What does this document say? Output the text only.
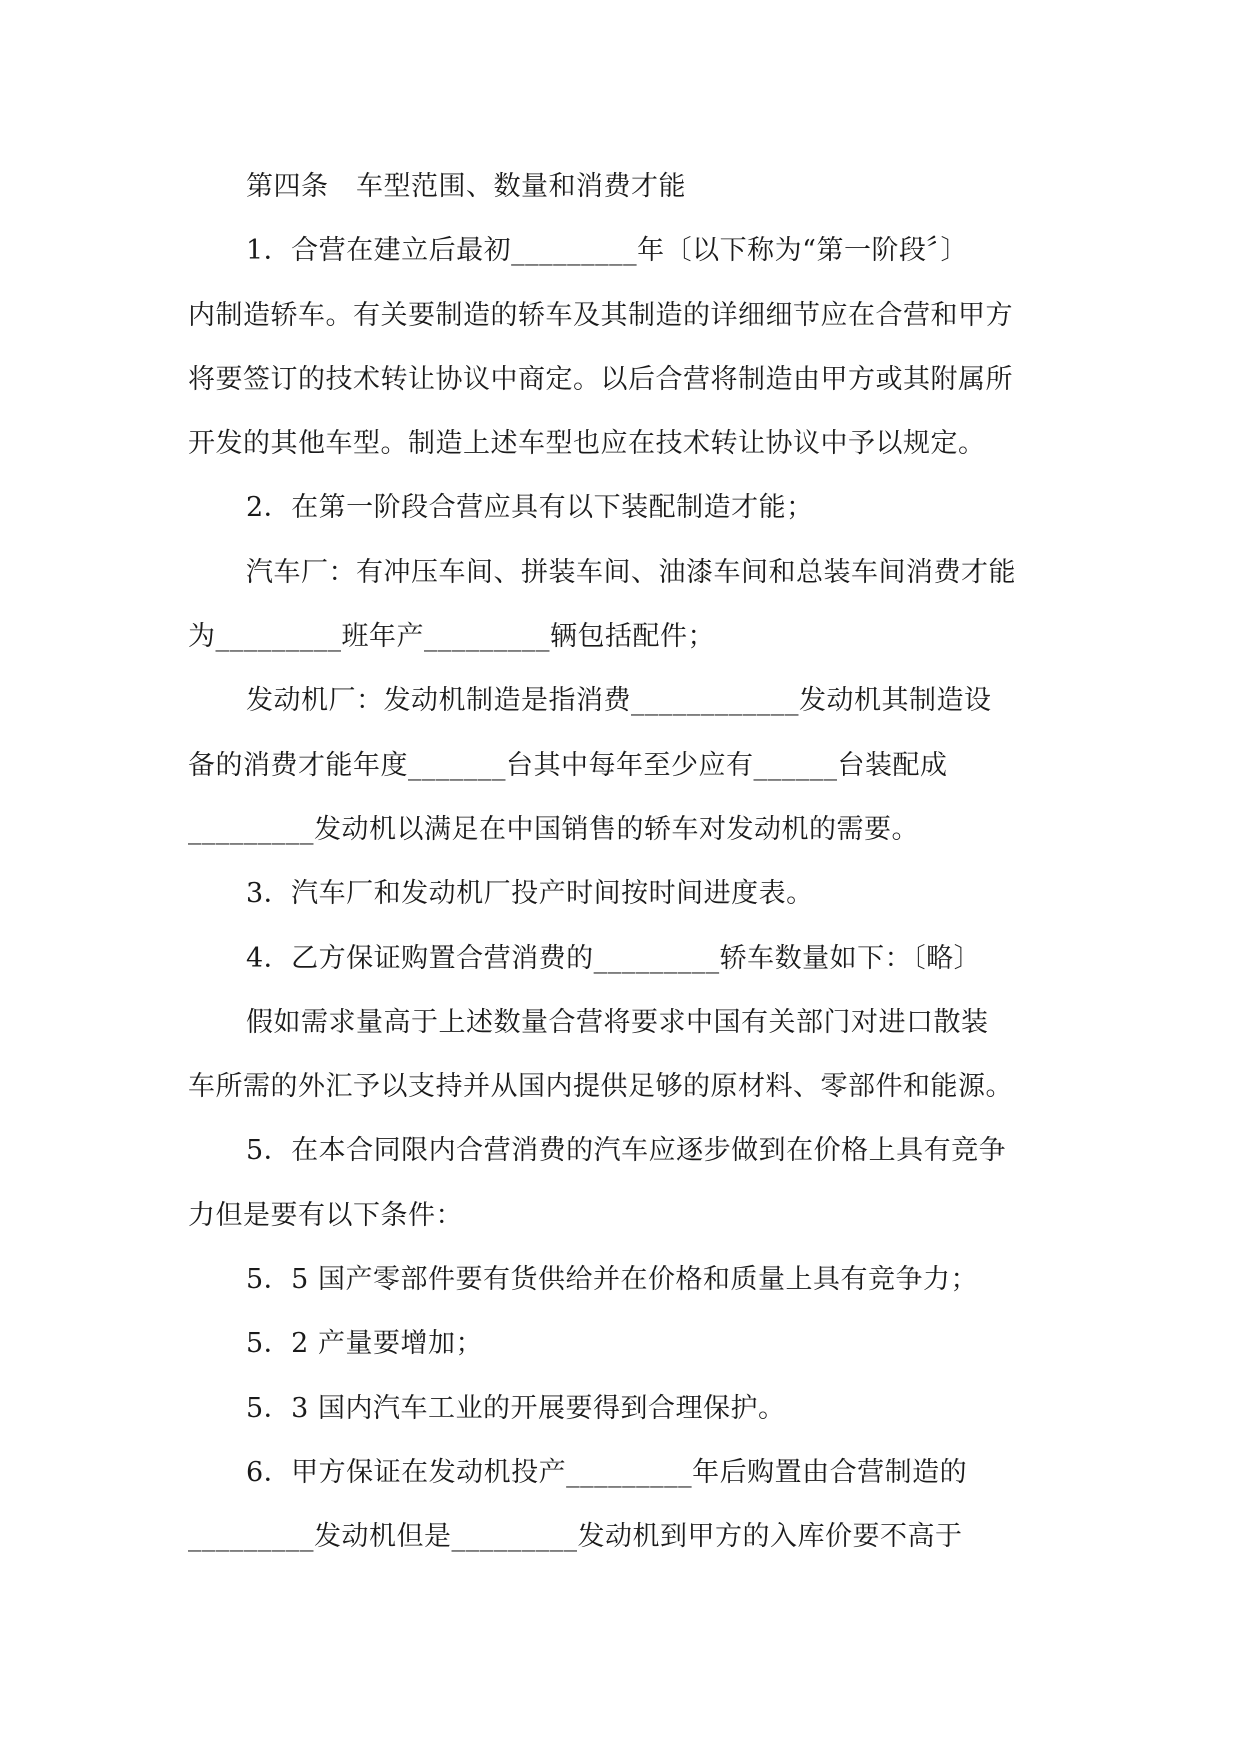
第四条　车型范围、数量和消费才能
1．合营在建立后最初_________年〔以下称为“第一阶段〞〕
内制造轿车。有关要制造的轿车及其制造的详细细节应在合营和甲方
将要签订的技术转让协议中商定。以后合营将制造由甲方或其附属所
开发的其他车型。制造上述车型也应在技术转让协议中予以规定。
2．在第一阶段合营应具有以下装配制造才能；
汽车厂：有冲压车间、拼装车间、油漆车间和总装车间消费才能
为_________班年产_________辆包括配件；
发动机厂：发动机制造是指消费____________发动机其制造设
备的消费才能年度_______台其中每年至少应有______台装配成
_________发动机以满足在中国销售的轿车对发动机的需要。
3．汽车厂和发动机厂投产时间按时间进度表。
4．乙方保证购置合营消费的_________轿车数量如下：〔略〕
假如需求量高于上述数量合营将要求中国有关部门对进口散装
车所需的外汇予以支持并从国内提供足够的原材料、零部件和能源。
5．在本合同限内合营消费的汽车应逐步做到在价格上具有竞争
力但是要有以下条件：
5．5 国产零部件要有货供给并在价格和质量上具有竞争力；
5．2 产量要增加；
5．3 国内汽车工业的开展要得到合理保护。
6．甲方保证在发动机投产_________年后购置由合营制造的
_________发动机但是_________发动机到甲方的入库价要不高于
